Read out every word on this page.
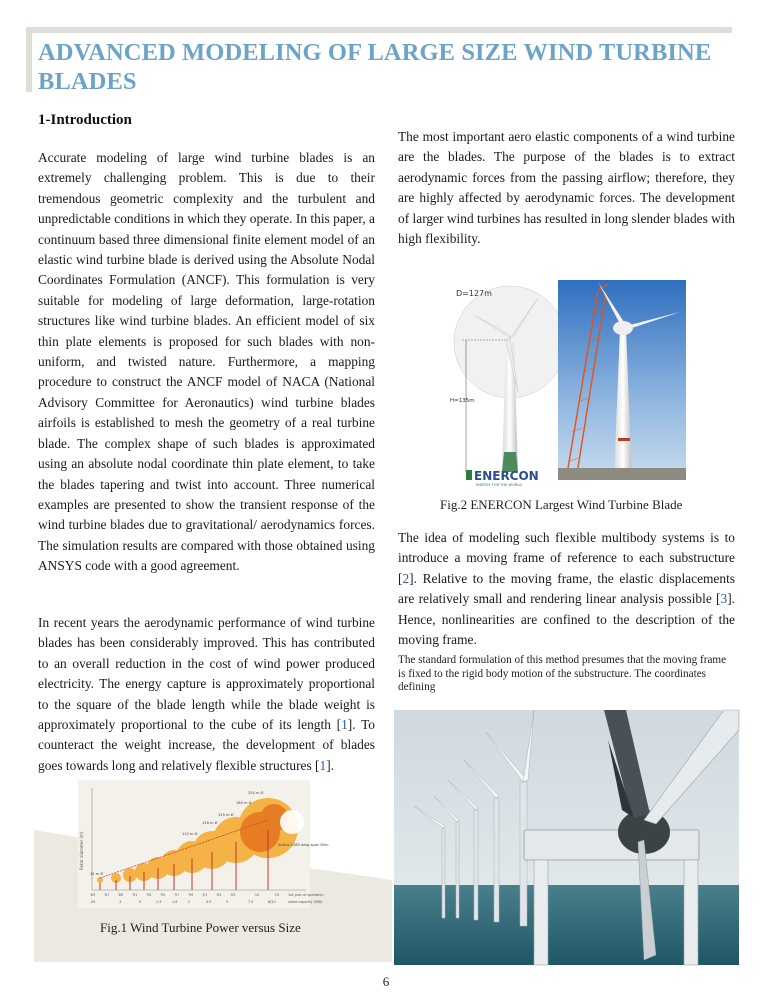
ADVANCED MODELING OF LARGE SIZE WIND TURBINE BLADES
1-Introduction

Accurate modeling of large wind turbine blades is an extremely challenging problem. This is due to their tremendous geometric complexity and the turbulent and unpredictable conditions in which they operate. In this paper, a continuum based three dimensional finite element model of an elastic wind turbine blade is derived using the Absolute Nodal Coordinates Formulation (ANCF). This formulation is very suitable for modeling of large deformation, large-rotation structures like wind turbine blades. An efficient model of six thin plate elements is proposed for such blades with non-uniform, and twisted nature. Furthermore, a mapping procedure to construct the ANCF model of NACA (National Advisory Committee for Aeronautics) wind turbine blades airfoils is established to mesh the geometry of a real turbine blade. The complex shape of such blades is approximated using an absolute nodal coordinate thin plate element, to take the blades tapering and twist into account. Three numerical examples are presented to show the transient response of the wind turbine blades due to gravitational/ aerodynamics forces. The simulation results are compared with those obtained using ANSYS code with a good agreement.

In recent years the aerodynamic performance of wind turbine blades has been considerably improved. This has contributed to an overall reduction in the cost of wind power produced electricity. The energy capture is approximately proportional to the square of the blade length while the blade weight is approximately proportional to the cube of its length [1]. To counteract the weight increase, the development of blades goes towards long and relatively flexible structures [1].

Rotor diameter (m)
15 m Ø
112 m Ø
126 m Ø
125 m Ø
160 m Ø
250 m Ø
Airbus A380 wing span 80m
'85	'87	'89	'91	'93	'95	'97	'99	'01	'03	'05	'10	'15	1st year of operation
.05	.3	.5	1.3	1.6	2	4.5	5	7.5	8/10	rated capacity (MW)

Fig.1 Wind Turbine Power versus Size

The most important aero elastic components of a wind turbine are the blades. The purpose of the blades is to extract aerodynamic forces from the passing airflow; therefore, they are highly affected by aerodynamic forces. The development of larger wind turbines has resulted in long slender blades with high flexibility.

D=127m
H=135m
ENERCON
ENERGY FOR THE WORLD

Fig.2 ENERCON Largest Wind Turbine Blade

The idea of modeling such flexible multibody systems is to introduce a moving frame of reference to each substructure [2]. Relative to the moving frame, the elastic displacements are relatively small and rendering linear analysis possible [3]. Hence, nonlinearities are confined to the description of the moving frame.

The standard formulation of this method presumes that the moving frame is fixed to the rigid body motion of the substructure. The coordinates defining

6
